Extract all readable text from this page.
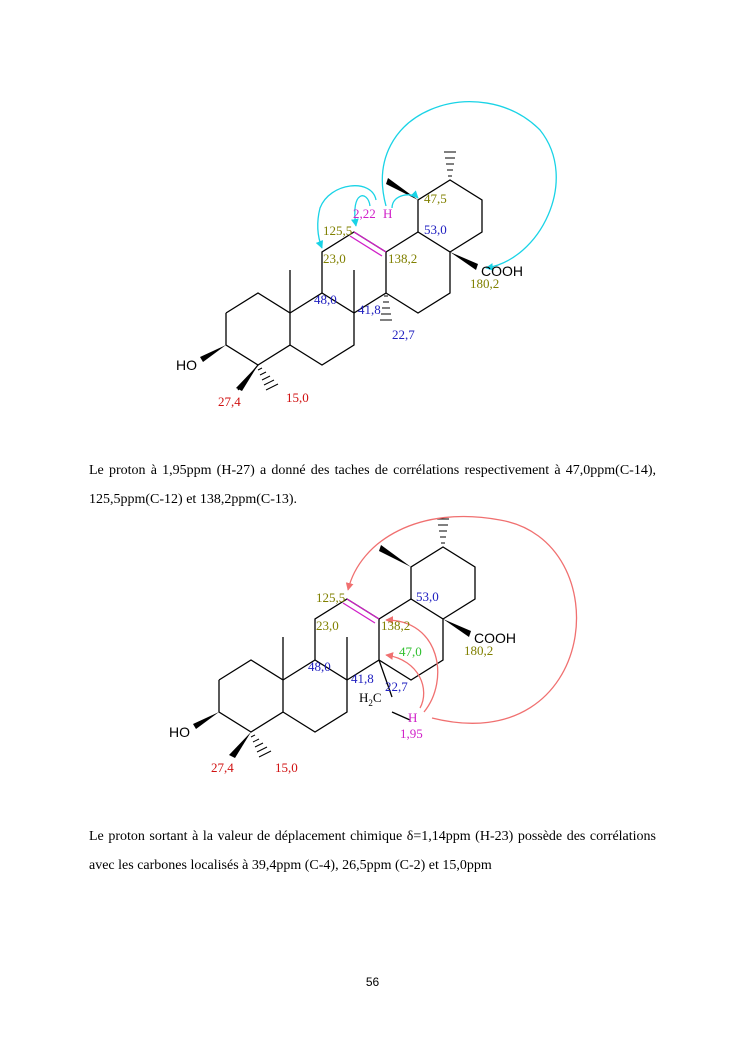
125,5
23,0
2,22 H
47,5
53,0
138,2
48,0
41,8
22,7
180,2
COOH
HO
27,4	15,0

Le proton à 1,95ppm (H-27) a donné des taches de corrélations respectivement à 47,0ppm(C-14), 125,5ppm(C-12) et 138,2ppm(C-13).

125,5
23,0
53,0
138,2
47,0
48,0
41,8
22,7
$H_2C$
H
1,95
180,2
COOH
HO
27,4	15,0

Le proton sortant à la valeur de déplacement chimique δ=1,14ppm (H-23) possède des corrélations avec les carbones localisés à 39,4ppm (C-4), 26,5ppm (C-2) et 15,0ppm

56
